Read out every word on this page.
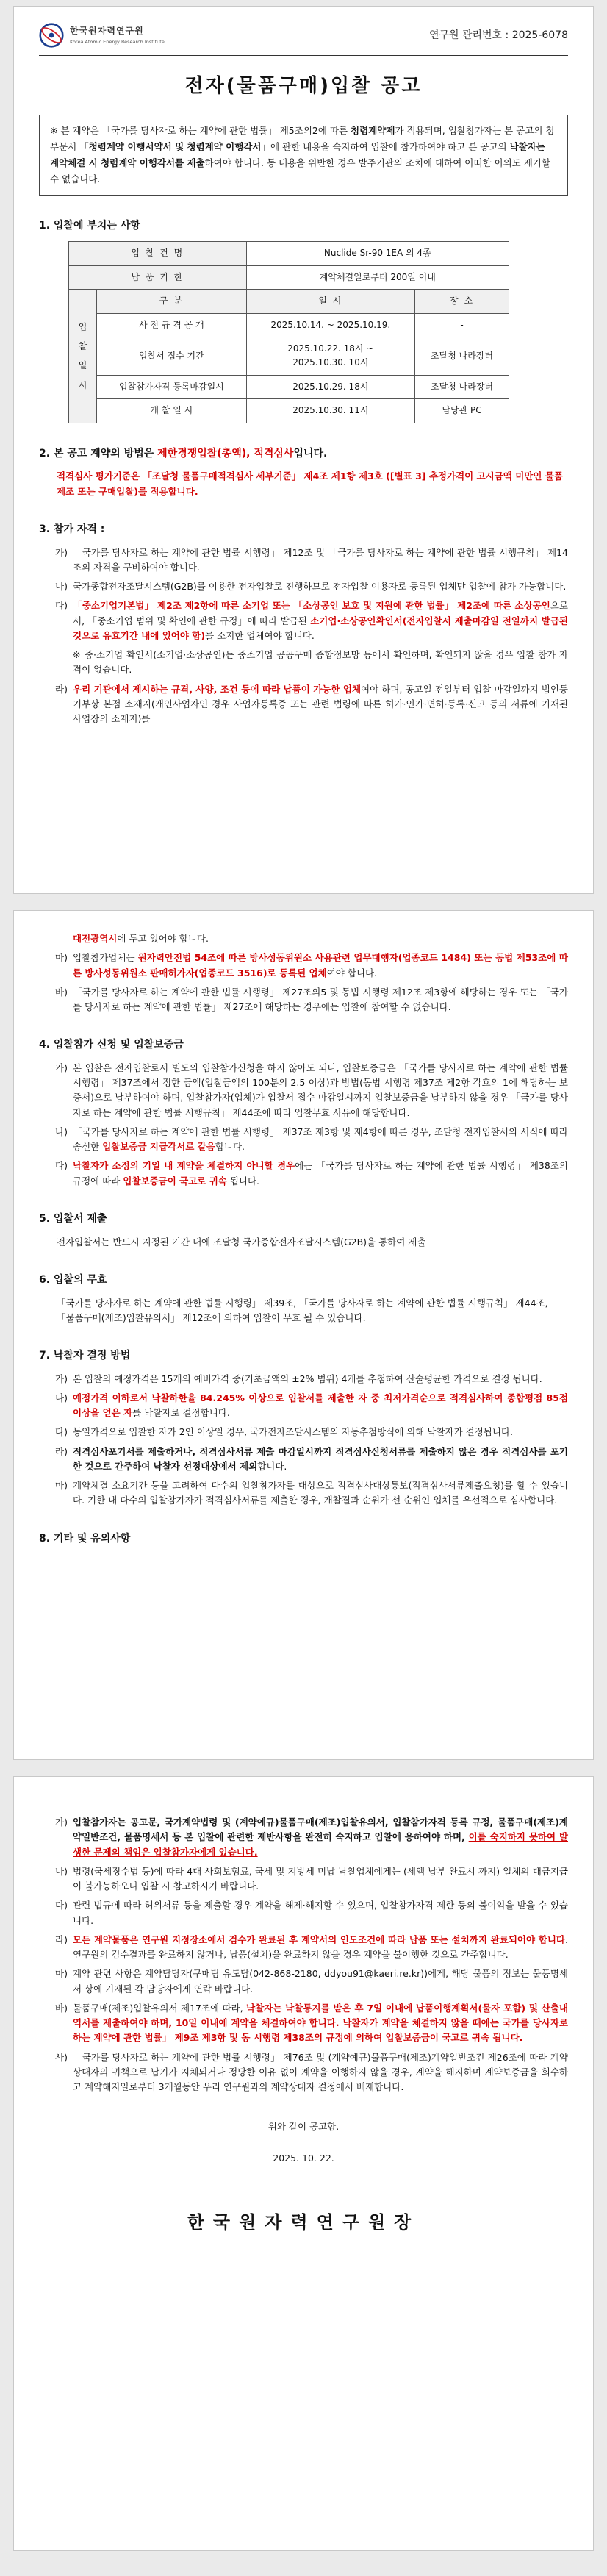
한국원자력연구원
Korea Atomic Energy Research Institute
연구원 관리번호 : 2025-6078
전자(물품구매)입찰 공고
※ 본 계약은 「국가를 당사자로 하는 계약에 관한 법률」 제5조의2에 따른 청렴계약제가 적용되며, 입찰참가자는 본 공고의 첨부문서 「청렴계약 이행서약서 및 청렴계약 이행각서」에 관한 내용을 숙지하여 입찰에 참가하여야 하고 본 공고의 낙찰자는 계약체결 시 청렴계약 이행각서를 제출하여야 합니다. 동 내용을 위반한 경우 발주기관의 조치에 대하여 어떠한 이의도 제기할 수 없습니다.
1. 입찰에 부치는 사항
입 찰 건 명		Nuclide Sr-90 1EA 외 4종	
납 품 기 한		계약체결일로부터 200일 이내	
입찰일시	구 분	일 시	장 소
	사 전 규 격 공 개	2025.10.14. ~ 2025.10.19.	-
	입찰서 접수 기간	2025.10.22. 18시 ~
2025.10.30. 10시	조달청 나라장터
	입찰참가자격 등록마감일시	2025.10.29. 18시	조달청 나라장터
	개 찰 일 시	2025.10.30. 11시	담당관 PC
2. 본 공고 계약의 방법은 제한경쟁입찰(총액), 적격심사입니다.

적격심사 평가기준은 「조달청 물품구매적격심사 세부기준」 제4조 제1항 제3호 ([별표 3] 추정가격이 고시금액 미만인 물품 제조 또는 구매입찰)를 적용합니다.

3. 참가 자격 :
가) 「국가를 당사자로 하는 계약에 관한 법률 시행령」 제12조 및 「국가를 당사자로 하는 계약에 관한 법률 시행규칙」 제14조의 자격을 구비하여야 합니다.
나) 국가종합전자조달시스템(G2B)를 이용한 전자입찰로 진행하므로 전자입찰 이용자로 등록된 업체만 입찰에 참가 가능합니다.
다) 「중소기업기본법」 제2조 제2항에 따른 소기업 또는 「소상공인 보호 및 지원에 관한 법률」 제2조에 따른 소상공인으로서, 「중소기업 범위 및 확인에 관한 규정」에 따라 발급된 소기업·소상공인확인서(전자입찰서 제출마감일 전일까지 발급된 것으로 유효기간 내에 있어야 함)를 소지한 업체여야 합니다.
※ 중·소기업 확인서(소기업·소상공인)는 중소기업 공공구매 종합정보망 등에서 확인하며, 확인되지 않을 경우 입찰 참가 자격이 없습니다.
라) 우리 기관에서 제시하는 규격, 사양, 조건 등에 따라 납품이 가능한 업체여야 하며, 공고일 전일부터 입찰 마감일까지 법인등기부상 본점 소재지(개인사업자인 경우 사업자등록증 또는 관련 법령에 따른 허가·인가·면허·등록·신고 등의 서류에 기재된 사업장의 소재지)를
대전광역시에 두고 있어야 합니다.
마) 입찰참가업체는 원자력안전법 54조에 따른 방사성동위원소 사용관련 업무대행자(업종코드 1484) 또는 동법 제53조에 따른 방사성동위원소 판매허가자(업종코드 3516)로 등록된 업체여야 합니다.
바) 「국가를 당사자로 하는 계약에 관한 법률 시행령」 제27조의5 및 동법 시행령 제12조 제3항에 해당하는 경우 또는 「국가를 당사자로 하는 계약에 관한 법률」 제27조에 해당하는 경우에는 입찰에 참여할 수 없습니다.
4. 입찰참가 신청 및 입찰보증금
가) 본 입찰은 전자입찰로서 별도의 입찰참가신청을 하지 않아도 되나, 입찰보증금은 「국가를 당사자로 하는 계약에 관한 법률 시행령」 제37조에서 정한 금액(입찰금액의 100분의 2.5 이상)과 방법(동법 시행령 제37조 제2항 각호의 1에 해당하는 보증서)으로 납부하여야 하며, 입찰참가자(업체)가 입찰서 접수 마감일시까지 입찰보증금을 납부하지 않을 경우 「국가를 당사자로 하는 계약에 관한 법률 시행규칙」 제44조에 따라 입찰무효 사유에 해당합니다.
나) 「국가를 당사자로 하는 계약에 관한 법률 시행령」 제37조 제3항 및 제4항에 따른 경우, 조달청 전자입찰서의 서식에 따라 송신한 입찰보증금 지급각서로 갈음합니다.
다) 낙찰자가 소정의 기일 내 계약을 체결하지 아니할 경우에는 「국가를 당사자로 하는 계약에 관한 법률 시행령」 제38조의 규정에 따라 입찰보증금이 국고로 귀속 됩니다.
5. 입찰서 제출

전자입찰서는 반드시 지정된 기간 내에 조달청 국가종합전자조달시스템(G2B)을 통하여 제출

6. 입찰의 무효

「국가를 당사자로 하는 계약에 관한 법률 시행령」 제39조, 「국가를 당사자로 하는 계약에 관한 법률 시행규칙」 제44조, 「물품구매(제조)입찰유의서」 제12조에 의하여 입찰이 무효 될 수 있습니다.

7. 낙찰자 결정 방법
가) 본 입찰의 예정가격은 15개의 예비가격 중(기초금액의 ±2% 범위) 4개를 추첨하여 산술평균한 가격으로 결정 됩니다.
나) 예정가격 이하로서 낙찰하한율 84.245% 이상으로 입찰서를 제출한 자 중 최저가격순으로 적격심사하여 종합평점 85점 이상을 얻은 자를 낙찰자로 결정합니다.
다) 동일가격으로 입찰한 자가 2인 이상일 경우, 국가전자조달시스템의 자동추첨방식에 의해 낙찰자가 결정됩니다.
라) 적격심사포기서를 제출하거나, 적격심사서류 제출 마감일시까지 적격심사신청서류를 제출하지 않은 경우 적격심사를 포기한 것으로 간주하여 낙찰자 선정대상에서 제외합니다.
마) 계약체결 소요기간 등을 고려하여 다수의 입찰참가자를 대상으로 적격심사대상통보(적격심사서류제출요청)를 할 수 있습니다. 기한 내 다수의 입찰참가자가 적격심사서류를 제출한 경우, 개찰결과 순위가 선 순위인 업체를 우선적으로 심사합니다.
8. 기타 및 유의사항
가) 입찰참가자는 공고문, 국가계약법령 및 (계약예규)물품구매(제조)입찰유의서, 입찰참가자격 등록 규정, 물품구매(제조)계약일반조건, 물품명세서 등 본 입찰에 관련한 제반사항을 완전히 숙지하고 입찰에 응하여야 하며, 이를 숙지하지 못하여 발생한 문제의 책임은 입찰참가자에게 있습니다.
나) 법령(국세징수법 등)에 따라 4대 사회보험료, 국세 및 지방세 미납 낙찰업체에게는 (세액 납부 완료시 까지) 일체의 대금지급이 불가능하오니 입찰 시 참고하시기 바랍니다.
다) 관련 법규에 따라 허위서류 등을 제출할 경우 계약을 해제·해지할 수 있으며, 입찰참가자격 제한 등의 불이익을 받을 수 있습니다.
라) 모든 계약물품은 연구원 지정장소에서 검수가 완료된 후 계약서의 인도조건에 따라 납품 또는 설치까지 완료되어야 합니다. 연구원의 검수결과를 완료하지 않거나, 납품(설치)을 완료하지 않을 경우 계약을 불이행한 것으로 간주합니다.
마) 계약 관련 사항은 계약담당자(구매팀 유도담(042-868-2180, ddyou91@kaeri.re.kr))에게, 해당 물품의 정보는 물품명세서 상에 기재된 각 담당자에게 연락 바랍니다.
바) 물품구매(제조)입찰유의서 제17조에 따라, 낙찰자는 낙찰통지를 받은 후 7일 이내에 납품이행계획서(물자 포함) 및 산출내역서를 제출하여야 하며, 10일 이내에 계약을 체결하여야 합니다. 낙찰자가 계약을 체결하지 않을 때에는 국가를 당사자로 하는 계약에 관한 법률」 제9조 제3항 및 동 시행령 제38조의 규정에 의하여 입찰보증금이 국고로 귀속 됩니다.
사) 「국가를 당사자로 하는 계약에 관한 법률 시행령」 제76조 및 (계약예규)물품구매(제조)계약일반조건 제26조에 따라 계약상대자의 귀책으로 납기가 지체되거나 정당한 이유 없이 계약을 이행하지 않을 경우, 계약을 해지하며 계약보증금을 회수하고 계약해지일로부터 3개월동안 우리 연구원과의 계약상대자 결정에서 배제합니다.
위와 같이 공고함.
2025. 10. 22.
한국원자력연구원장
